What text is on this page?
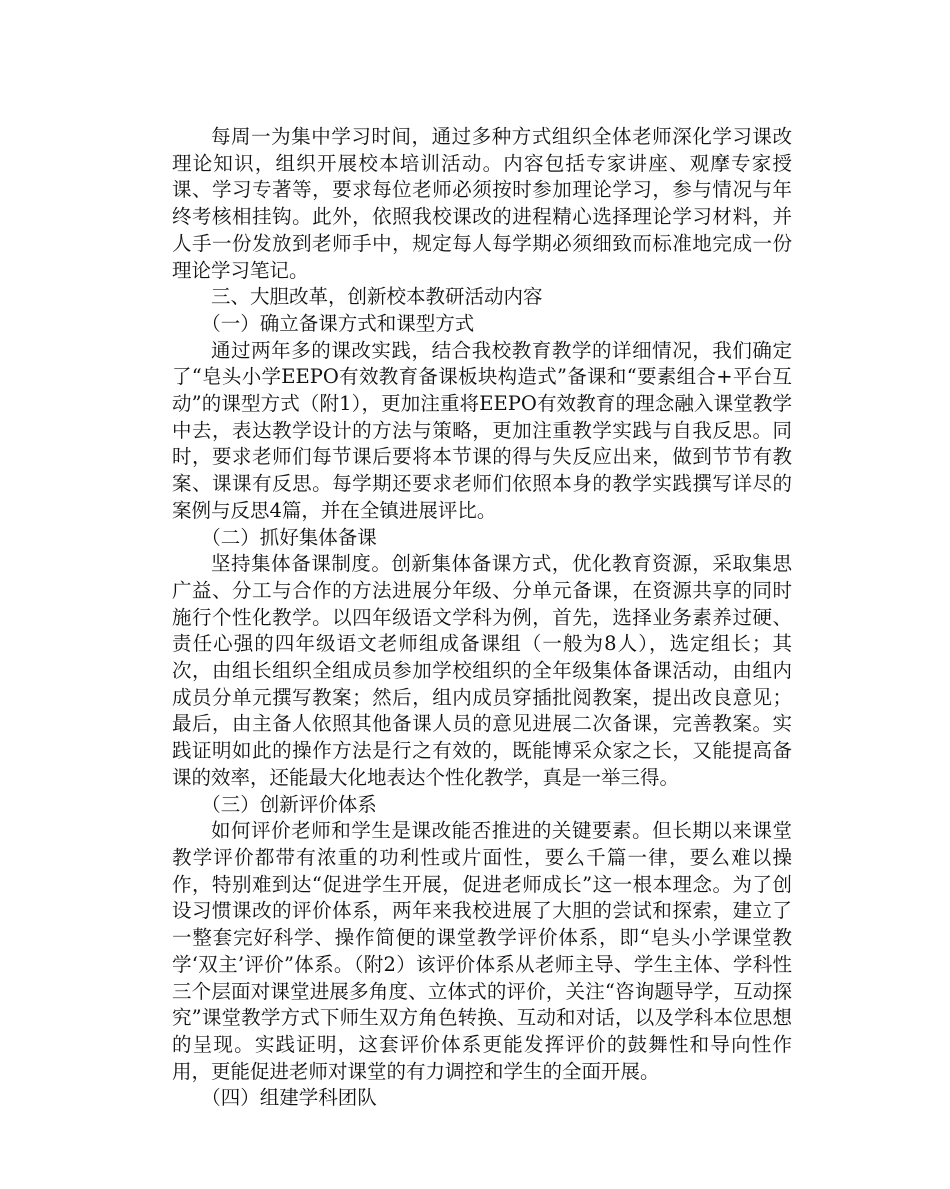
每周一为集中学习时间，通过多种方式组织全体老师深化学习课改理论知识，组织开展校本培训活动。内容包括专家讲座、观摩专家授课、学习专著等，要求每位老师必须按时参加理论学习，参与情况与年终考核相挂钩。此外，依照我校课改的进程精心选择理论学习材料，并人手一份发放到老师手中，规定每人每学期必须细致而标准地完成一份理论学习笔记。

三、大胆改革，创新校本教研活动内容

（一）确立备课方式和课型方式

通过两年多的课改实践，结合我校教育教学的详细情况，我们确定了“皂头小学EEPO有效教育备课板块构造式”备课和“要素组合+平台互动”的课型方式（附1），更加注重将EEPO有效教育的理念融入课堂教学中去，表达教学设计的方法与策略，更加注重教学实践与自我反思。同时，要求老师们每节课后要将本节课的得与失反应出来，做到节节有教案、课课有反思。每学期还要求老师们依照本身的教学实践撰写详尽的案例与反思4篇，并在全镇进展评比。

（二）抓好集体备课

坚持集体备课制度。创新集体备课方式，优化教育资源，采取集思广益、分工与合作的方法进展分年级、分单元备课，在资源共享的同时施行个性化教学。以四年级语文学科为例，首先，选择业务素养过硬、责任心强的四年级语文老师组成备课组（一般为8人），选定组长；其次，由组长组织全组成员参加学校组织的全年级集体备课活动，由组内成员分单元撰写教案；然后，组内成员穿插批阅教案，提出改良意见；最后，由主备人依照其他备课人员的意见进展二次备课，完善教案。实践证明如此的操作方法是行之有效的，既能博采众家之长，又能提高备课的效率，还能最大化地表达个性化教学，真是一举三得。

（三）创新评价体系

如何评价老师和学生是课改能否推进的关键要素。但长期以来课堂教学评价都带有浓重的功利性或片面性，要么千篇一律，要么难以操作，特别难到达“促进学生开展，促进老师成长”这一根本理念。为了创设习惯课改的评价体系，两年来我校进展了大胆的尝试和探索，建立了一整套完好科学、操作简便的课堂教学评价体系，即“皂头小学课堂教学‘双主’评价”体系。（附2）该评价体系从老师主导、学生主体、学科性三个层面对课堂进展多角度、立体式的评价，关注“咨询题导学，互动探究”课堂教学方式下师生双方角色转换、互动和对话，以及学科本位思想的呈现。实践证明，这套评价体系更能发挥评价的鼓舞性和导向性作用，更能促进老师对课堂的有力调控和学生的全面开展。

（四）组建学科团队
